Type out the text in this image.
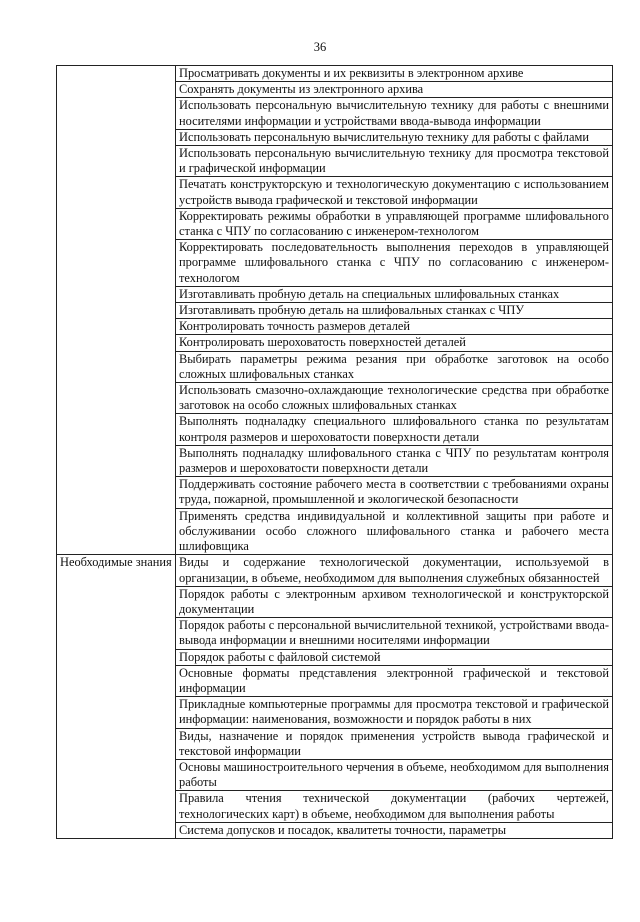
36
	Просматривать документы и их реквизиты в электронном архиве
	Сохранять документы из электронного архива
	Использовать персональную вычислительную технику для работы с внешними носителями информации и устройствами ввода-вывода информации
	Использовать персональную вычислительную технику для работы с файлами
	Использовать персональную вычислительную технику для просмотра текстовой и графической информации
	Печатать конструкторскую и технологическую документацию с использованием устройств вывода графической и текстовой информации
	Корректировать режимы обработки в управляющей программе шлифовального станка с ЧПУ по согласованию с инженером-технологом
	Корректировать последовательность выполнения переходов в управляющей программе шлифовального станка с ЧПУ по согласованию с инженером-технологом
	Изготавливать пробную деталь на специальных шлифовальных станках
	Изготавливать пробную деталь на шлифовальных станках с ЧПУ
	Контролировать точность размеров деталей
	Контролировать шероховатость поверхностей деталей
	Выбирать параметры режима резания при обработке заготовок на особо сложных шлифовальных станках
	Использовать смазочно-охлаждающие технологические средства при обработке заготовок на особо сложных шлифовальных станках
	Выполнять подналадку специального шлифовального станка по результатам контроля размеров и шероховатости поверхности детали
	Выполнять подналадку шлифовального станка с ЧПУ по результатам контроля размеров и шероховатости поверхности детали
	Поддерживать состояние рабочего места в соответствии с требованиями охраны труда, пожарной, промышленной и экологической безопасности
	Применять средства индивидуальной и коллективной защиты при работе и обслуживании особо сложного шлифовального станка и рабочего места шлифовщика
Необходимые знания	Виды и содержание технологической документации, используемой в организации, в объеме, необходимом для выполнения служебных обязанностей
	Порядок работы с электронным архивом технологической и конструкторской документации
	Порядок работы с персональной вычислительной техникой, устройствами ввода-вывода информации и внешними носителями информации
	Порядок работы с файловой системой
	Основные форматы представления электронной графической и текстовой информации
	Прикладные компьютерные программы для просмотра текстовой и графической информации: наименования, возможности и порядок работы в них
	Виды, назначение и порядок применения устройств вывода графической и текстовой информации
	Основы машиностроительного черчения в объеме, необходимом для выполнения работы
	Правила чтения технической документации (рабочих чертежей, технологических карт) в объеме, необходимом для выполнения работы
	Система допусков и посадок, квалитеты точности, параметры
